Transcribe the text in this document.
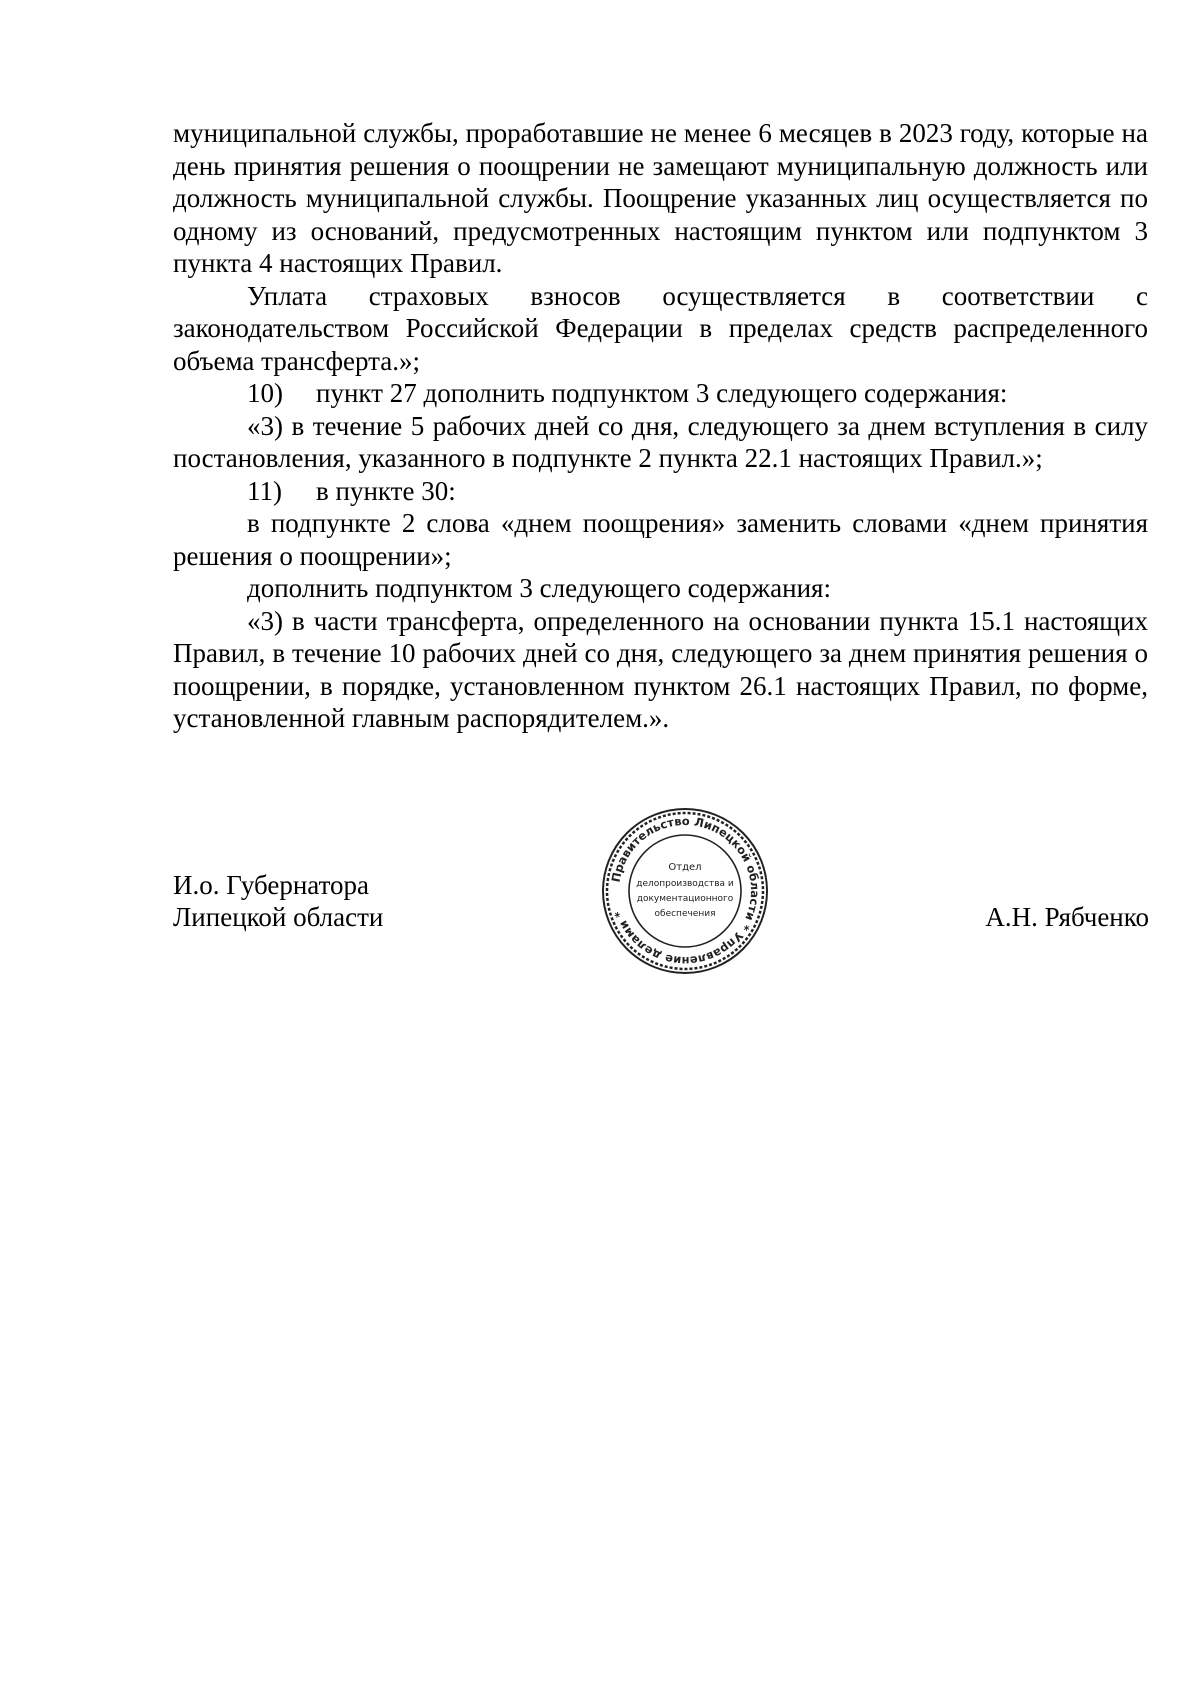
муниципальной службы, проработавшие не менее 6 месяцев в 2023 году, которые на день принятия решения о поощрении не замещают муниципальную должность или должность муниципальной службы. Поощрение указанных лиц осуществляется по одному из оснований, предусмотренных настоящим пунктом или подпунктом 3 пункта 4 настоящих Правил.

Уплата страховых взносов осуществляется в соответствии с законодательством Российской Федерации в пределах средств распределенного объема трансферта.»;

10) пункт 27 дополнить подпунктом 3 следующего содержания:

«3) в течение 5 рабочих дней со дня, следующего за днем вступления в силу постановления, указанного в подпункте 2 пункта 22.1 настоящих Правил.»;

11) в пункте 30:

в подпункте 2 слова «днем поощрения» заменить словами «днем принятия решения о поощрении»;

дополнить подпунктом 3 следующего содержания:

«3) в части трансферта, определенного на основании пункта 15.1 настоящих Правил, в течение 10 рабочих дней со дня, следующего за днем принятия решения о поощрении, в порядке, установленном пунктом 26.1 настоящих Правил, по форме, установленной главным распорядителем.».

И.о. Губернатора
Липецкой области
Правительство Липецкой области * Управление делами *
Отдел
делопроизводства и
документационного
обеспечения	А.Н. Рябченко
